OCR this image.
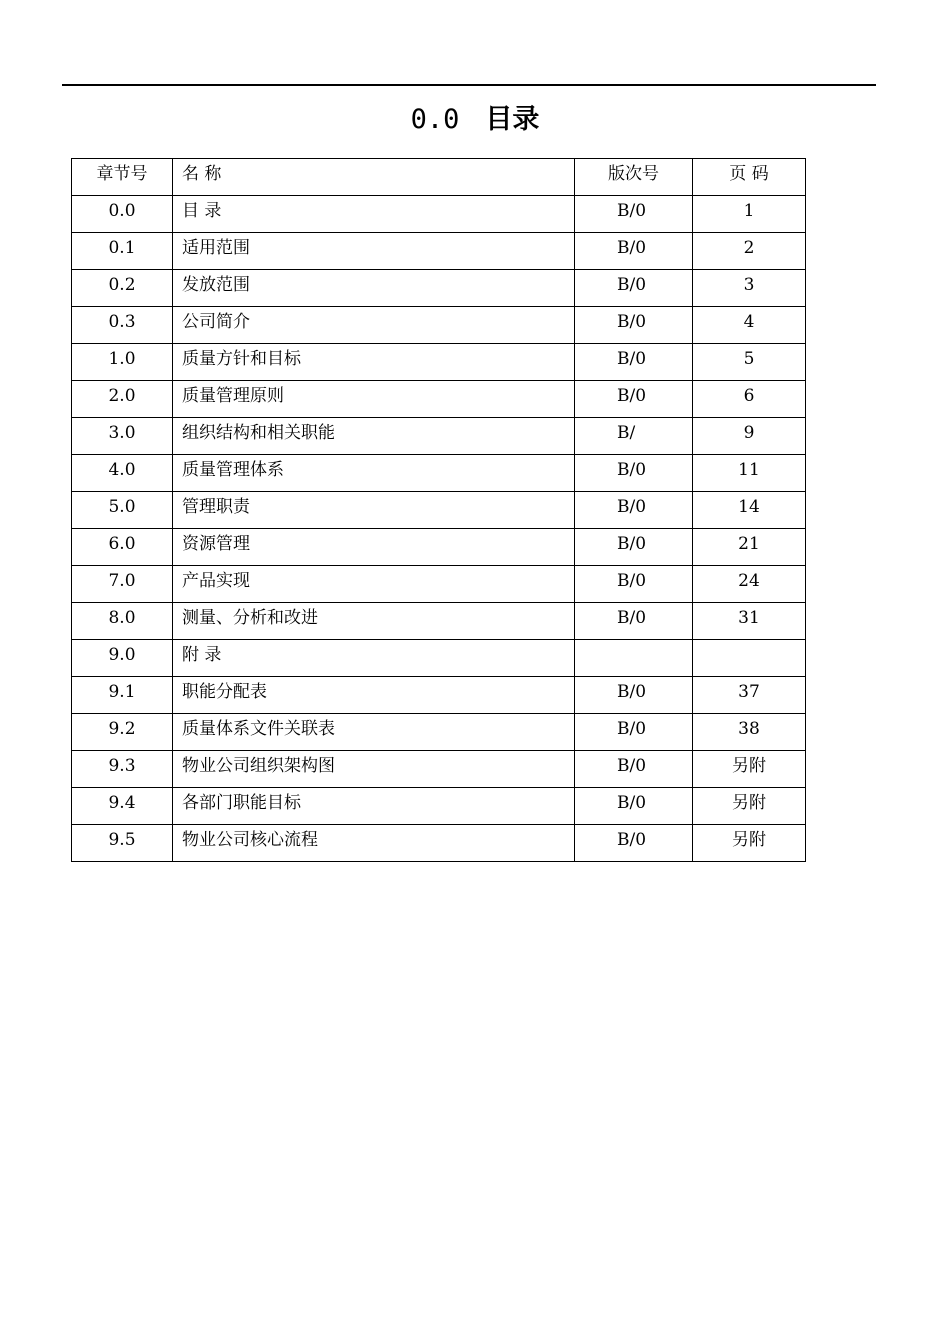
0.0 目录
章节号	名 称	版次号	页 码
0.0	目 录	B/0	1
0.1	适用范围	B/0	2
0.2	发放范围	B/0	3
0.3	公司简介	B/0	4
1.0	质量方针和目标	B/0	5
2.0	质量管理原则	B/0	6
3.0	组织结构和相关职能	B/	9
4.0	质量管理体系	B/0	11
5.0	管理职责	B/0	14
6.0	资源管理	B/0	21
7.0	产品实现	B/0	24
8.0	测量、分析和改进	B/0	31
9.0	附 录		
9.1	职能分配表	B/0	37
9.2	质量体系文件关联表	B/0	38
9.3	物业公司组织架构图	B/0	另附
9.4	各部门职能目标	B/0	另附
9.5	物业公司核心流程	B/0	另附
